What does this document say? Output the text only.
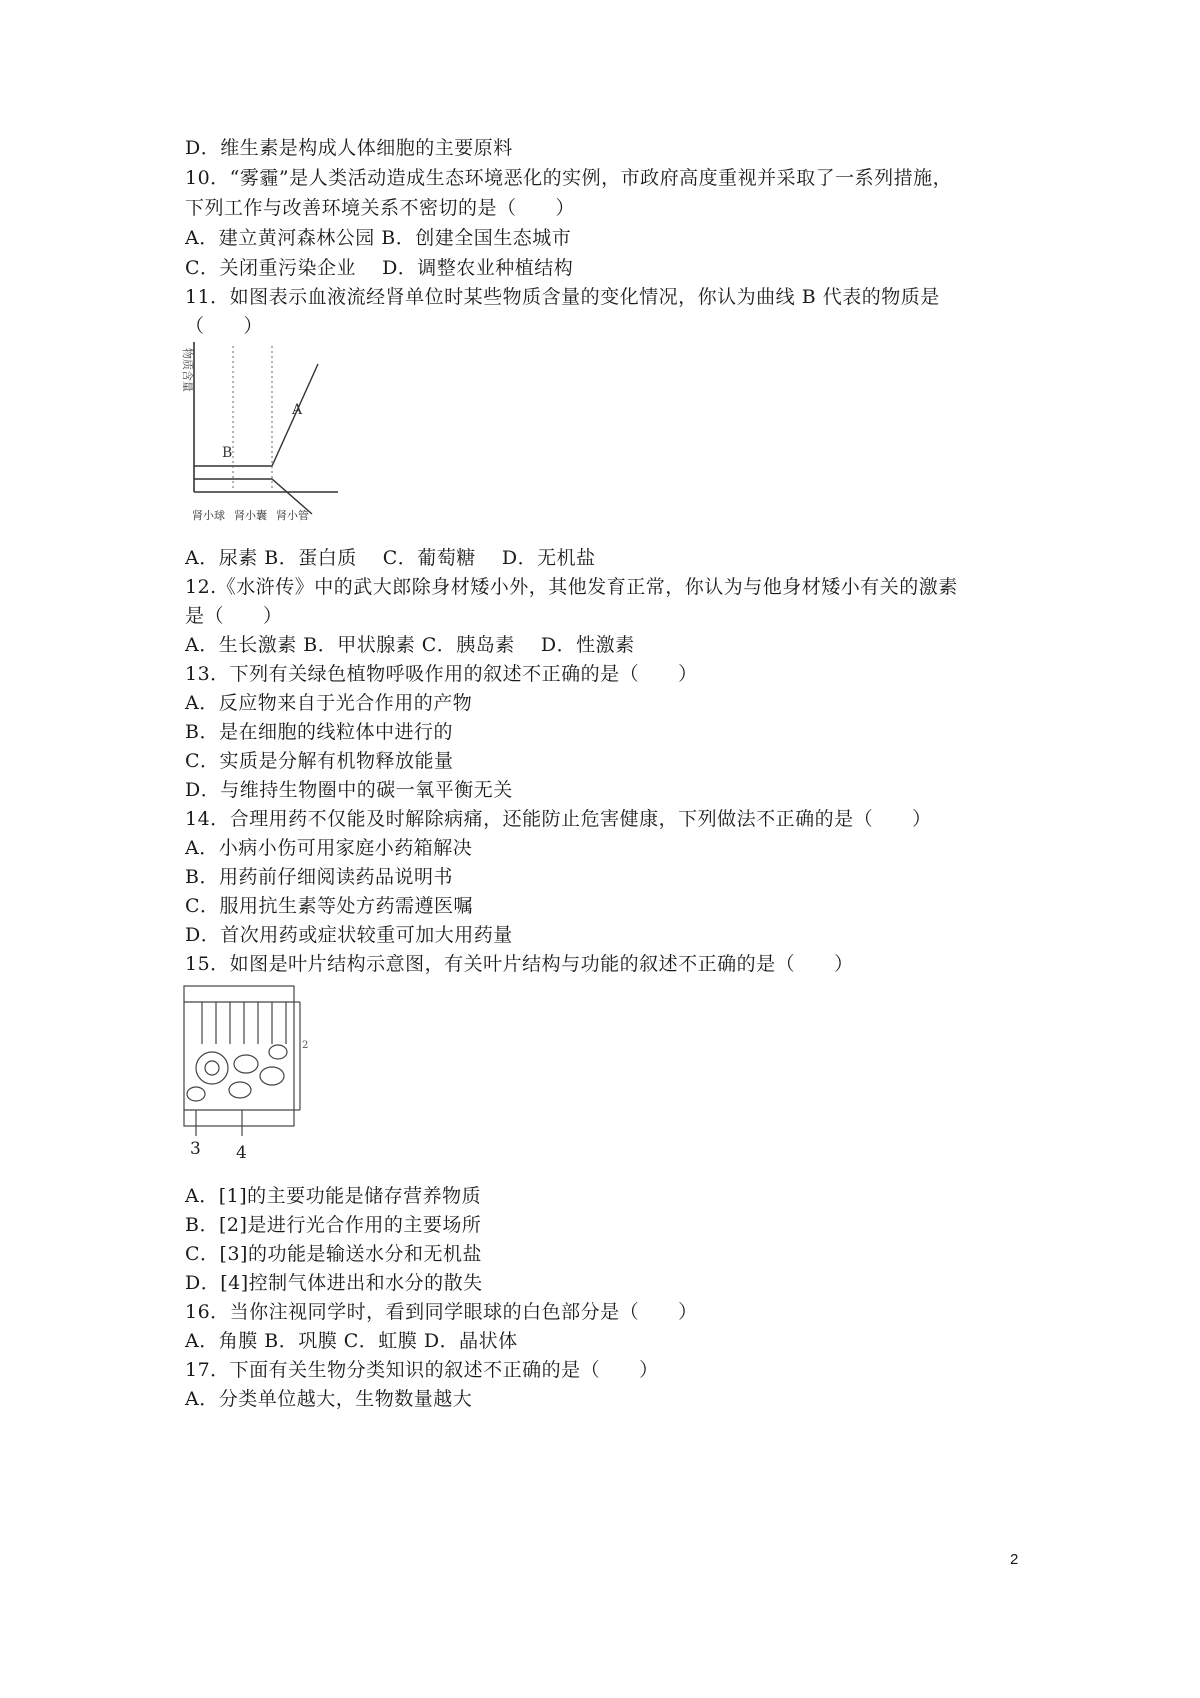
D．维生素是构成人体细胞的主要原料
10．“雾霾”是人类活动造成生态环境恶化的实例，市政府高度重视并采取了一系列措施，
下列工作与改善环境关系不密切的是（　　）
A．建立黄河森林公园 B．创建全国生态城市
C．关闭重污染企业　 D．调整农业种植结构
11．如图表示血液流经肾单位时某些物质含量的变化情况，你认为曲线 B 代表的物质是
（　　）
物质含量
A
B
肾小球 肾小囊 肾小管
A．尿素 B．蛋白质　 C．葡萄糖　 D．无机盐
12.《水浒传》中的武大郎除身材矮小外，其他发育正常，你认为与他身材矮小有关的激素
是（　　）
A．生长激素 B．甲状腺素 C．胰岛素　 D．性激素
13．下列有关绿色植物呼吸作用的叙述不正确的是（　　）
A．反应物来自于光合作用的产物
B．是在细胞的线粒体中进行的
C．实质是分解有机物释放能量
D．与维持生物圈中的碳一氧平衡无关
14．合理用药不仅能及时解除病痛，还能防止危害健康，下列做法不正确的是（　　）
A．小病小伤可用家庭小药箱解决
B．用药前仔细阅读药品说明书
C．服用抗生素等处方药需遵医嘱
D．首次用药或症状较重可加大用药量
15．如图是叶片结构示意图，有关叶片结构与功能的叙述不正确的是（　　）
2
3 4
A．[1]的主要功能是储存营养物质
B．[2]是进行光合作用的主要场所
C．[3]的功能是输送水分和无机盐
D．[4]控制气体进出和水分的散失
16．当你注视同学时，看到同学眼球的白色部分是（　　）
A．角膜 B．巩膜 C．虹膜 D．晶状体
17．下面有关生物分类知识的叙述不正确的是（　　）
A．分类单位越大，生物数量越大
2
